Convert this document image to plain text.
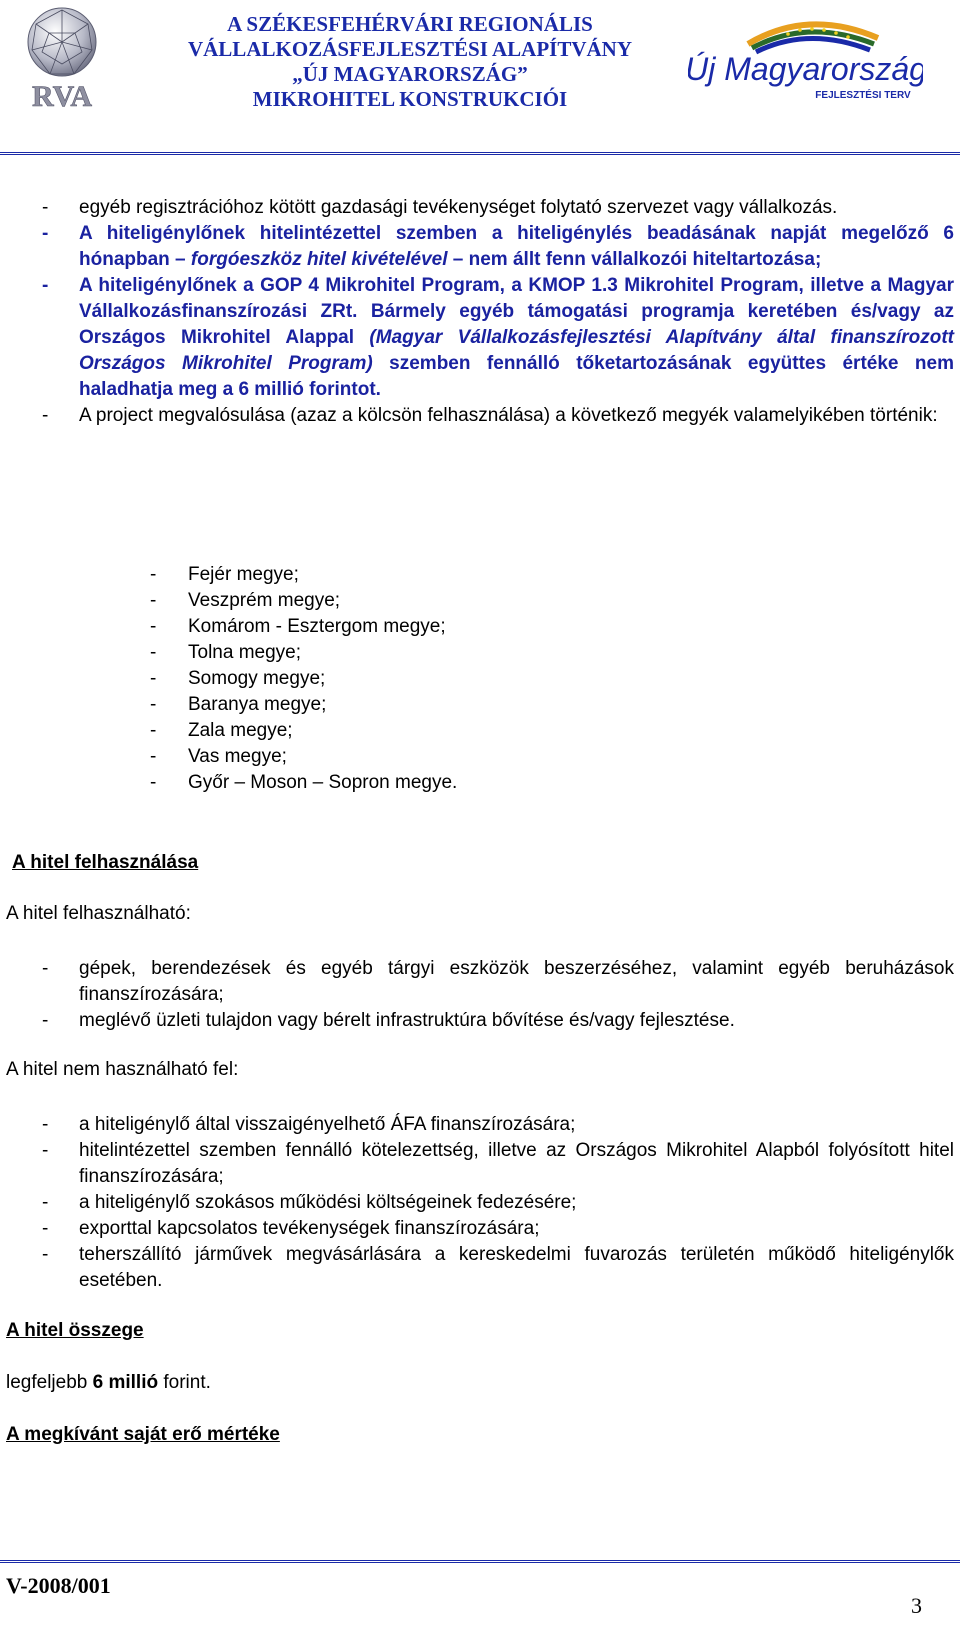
RVA
A SZÉKESFEHÉRVÁRI REGIONÁLIS
VÁLLALKOZÁSFEJLESZTÉSI ALAPÍTVÁNY
„ÚJ MAGYARORSZÁG”
MIKROHITEL KONSTRUKCIÓI
Új Magyarország
FEJLESZTÉSI TERV
- egyéb regisztrációhoz kötött gazdasági tevékenységet folytató szervezet vagy vállalkozás.
- A hiteligénylőnek hitelintézettel szemben a hiteligénylés beadásának napját megelőző 6 hónapban – forgóeszköz hitel kivételével – nem állt fenn vállalkozói hiteltartozása;
- A hiteligénylőnek a GOP 4 Mikrohitel Program, a KMOP 1.3 Mikrohitel Program, illetve a Magyar Vállalkozásfinanszírozási ZRt. Bármely egyéb támogatási programja keretében és/vagy az Országos Mikrohitel Alappal (Magyar Vállalkozásfejlesztési Alapítvány által finanszírozott Országos Mikrohitel Program) szemben fennálló tőketartozásának együttes értéke nem haladhatja meg a 6 millió forintot.
- A project megvalósulása (azaz a kölcsön felhasználása) a következő megyék valamelyikében történik:
- Fejér megye;
- Veszprém megye;
- Komárom - Esztergom megye;
- Tolna megye;
- Somogy megye;
- Baranya megye;
- Zala megye;
- Vas megye;
- Győr – Moson – Sopron megye.
A hitel felhasználása
A hitel felhasználható:
- gépek, berendezések és egyéb tárgyi eszközök beszerzéséhez, valamint egyéb beruházások finanszírozására;
- meglévő üzleti tulajdon vagy bérelt infrastruktúra bővítése és/vagy fejlesztése.
A hitel nem használható fel:
- a hiteligénylő által visszaigényelhető ÁFA finanszírozására;
- hitelintézettel szemben fennálló kötelezettség, illetve az Országos Mikrohitel Alapból folyósított hitel finanszírozására;
- a hiteligénylő szokásos működési költségeinek fedezésére;
- exporttal kapcsolatos tevékenységek finanszírozására;
- teherszállító járművek megvásárlására a kereskedelmi fuvarozás területén működő hiteligénylők esetében.
A hitel összege
legfeljebb 6 millió forint.
A megkívánt saját erő mértéke
V-2008/001
3
